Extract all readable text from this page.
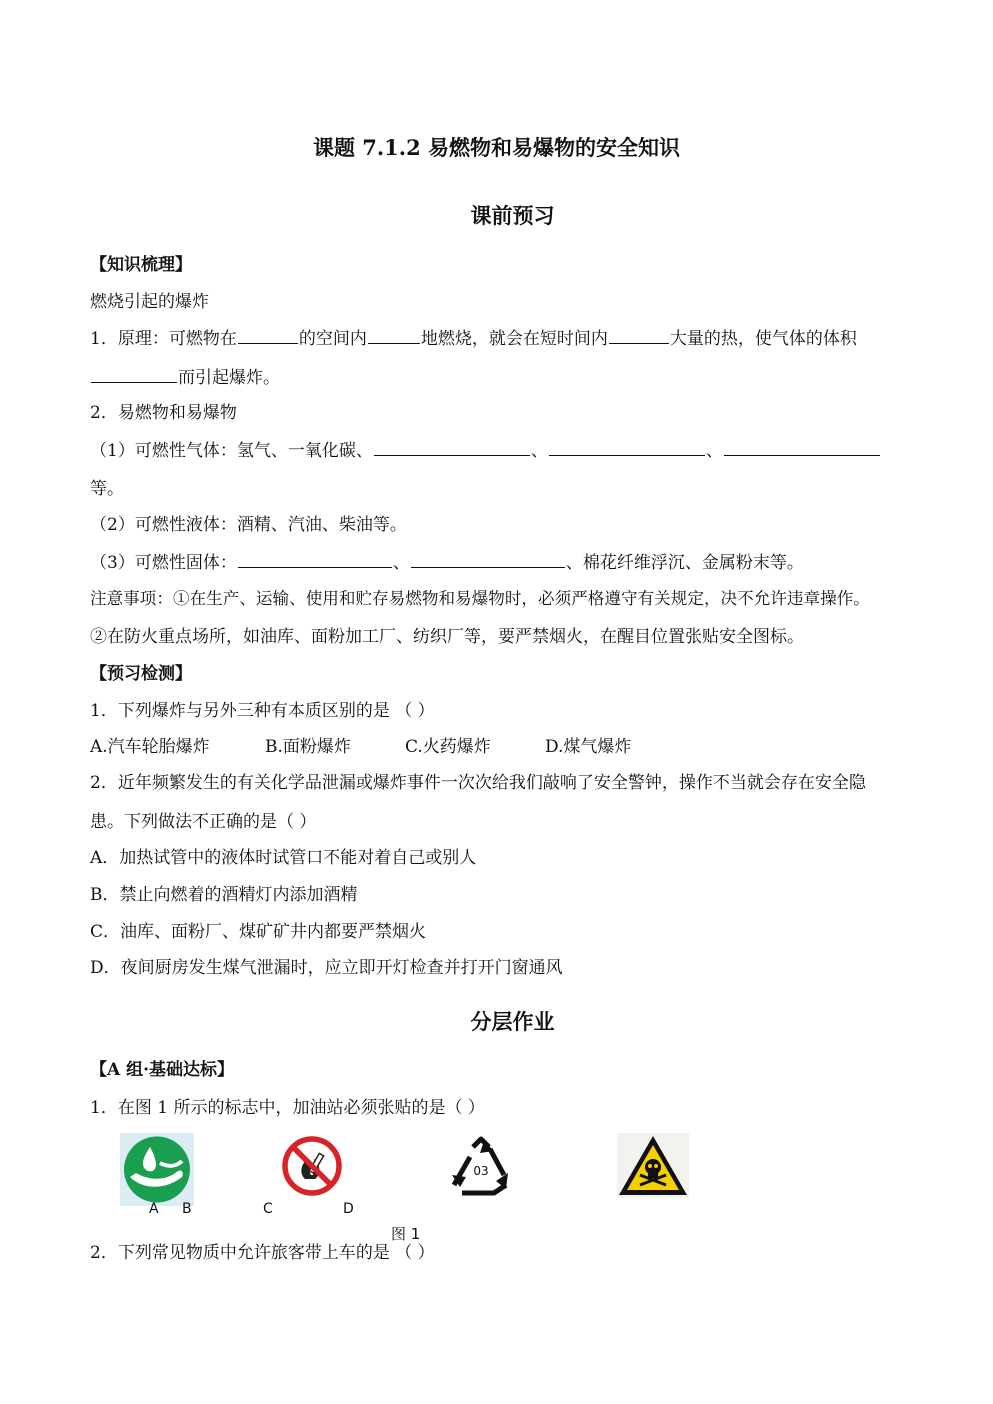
课题 7.1.2 易燃物和易爆物的安全知识
课前预习
【知识梳理】
燃烧引起的爆炸
1．原理：可燃物在	的空间内	地燃烧，就会在短时间内	大量的热，使气体的体积
而引起爆炸。
2．易燃物和易爆物
（1）可燃性气体：氢气、一氧化碳、	、	、
等。
（2）可燃性液体：酒精、汽油、柴油等。
（3）可燃性固体：	、	、棉花纤维浮沉、金属粉末等。
注意事项：①在生产、运输、使用和贮存易燃物和易爆物时，必须严格遵守有关规定，决不允许违章操作。
②在防火重点场所，如油库、面粉加工厂、纺织厂等，要严禁烟火，在醒目位置张贴安全图标。
【预习检测】
1．下列爆炸与另外三种有本质区别的是 （ ）
A.汽车轮胎爆炸	B.面粉爆炸	C.火药爆炸	D.煤气爆炸
2．近年频繁发生的有关化学品泄漏或爆炸事件一次次给我们敲响了安全警钟，操作不当就会存在安全隐
患。下列做法不正确的是（ ）
A．加热试管中的液体时试管口不能对着自己或别人
B．禁止向燃着的酒精灯内添加酒精
C．油库、面粉厂、煤矿矿井内都要严禁烟火
D．夜间厨房发生煤气泄漏时，应立即开灯检查并打开门窗通风
分层作业
【A 组·基础达标】
1．在图 1 所示的标志中，加油站必须张贴的是（ ）
03
A B	C	D
图 1
2．下列常见物质中允许旅客带上车的是 （ ）
